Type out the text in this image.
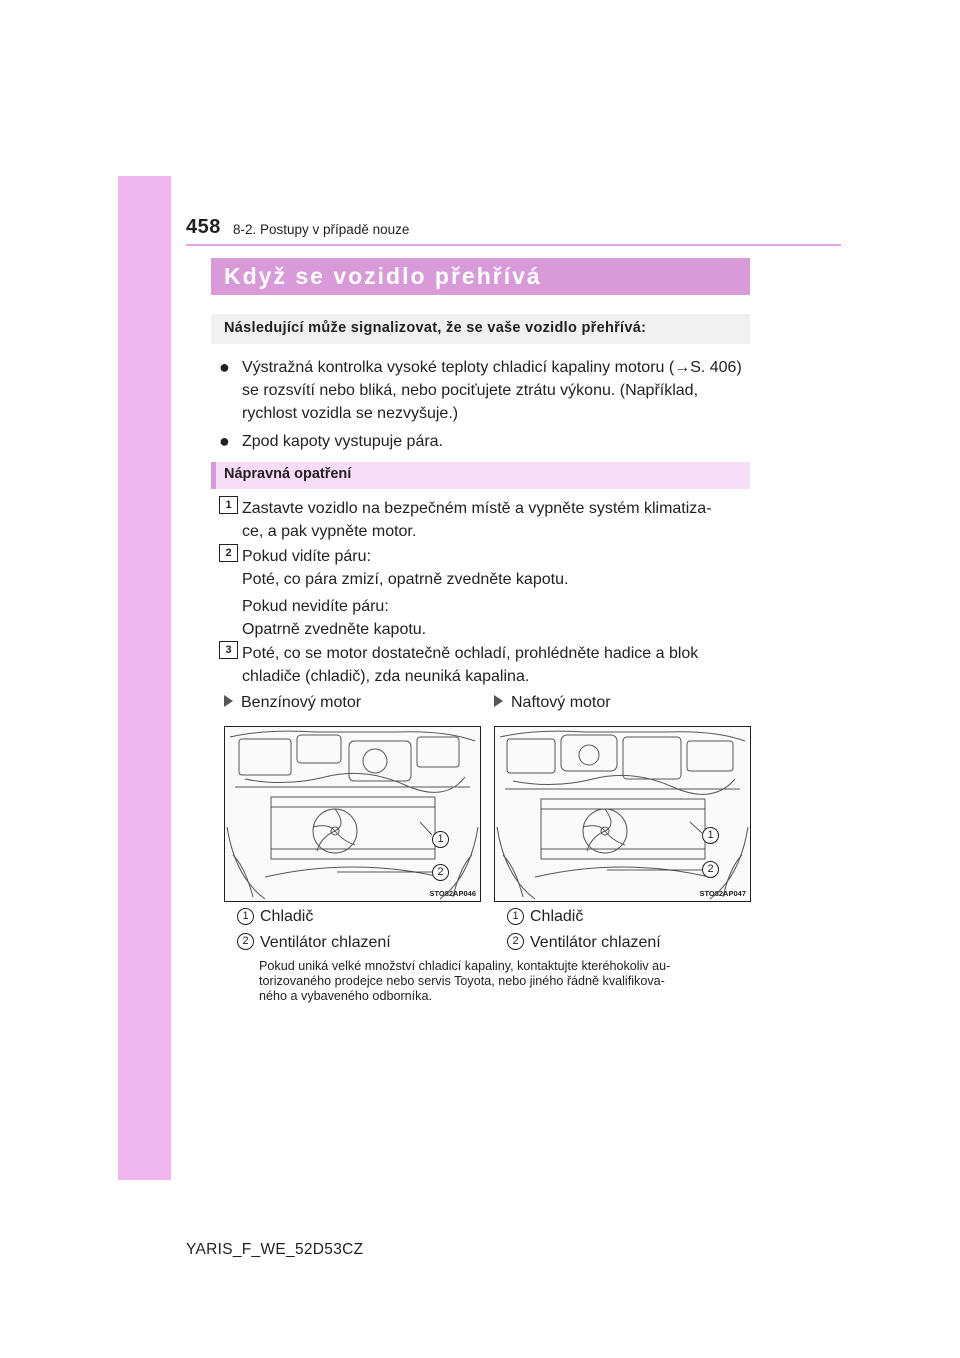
458 8-2. Postupy v případě nouze
Když se vozidlo přehřívá
Následující může signalizovat, že se vaše vozidlo přehřívá:
● Výstražná kontrolka vysoké teploty chladicí kapaliny motoru (→S. 406)
se rozsvítí nebo bliká, nebo pociťujete ztrátu výkonu. (Například,
rychlost vozidla se nezvyšuje.)
● Zpod kapoty vystupuje pára.
Nápravná opatření
1 Zastavte vozidlo na bezpečném místě a vypněte systém klimatiza-
ce, a pak vypněte motor.
2 Pokud vidíte páru:
Poté, co pára zmizí, opatrně zvedněte kapotu.
Pokud nevidíte páru:
Opatrně zvedněte kapotu.
3 Poté, co se motor dostatečně ochladí, prohlédněte hadice a blok
chladiče (chladič), zda neuniká kapalina.
Benzínový motor	Naftový motor
1
2
STO82AP046
1
2
STO82AP047
1 Chladič
2 Ventilátor chlazení
1 Chladič
2 Ventilátor chlazení
Pokud uniká velké množství chladicí kapaliny, kontaktujte kteréhokoliv au-
torizovaného prodejce nebo servis Toyota, nebo jiného řádně kvalifikova-
ného a vybaveného odborníka.
YARIS_F_WE_52D53CZ
